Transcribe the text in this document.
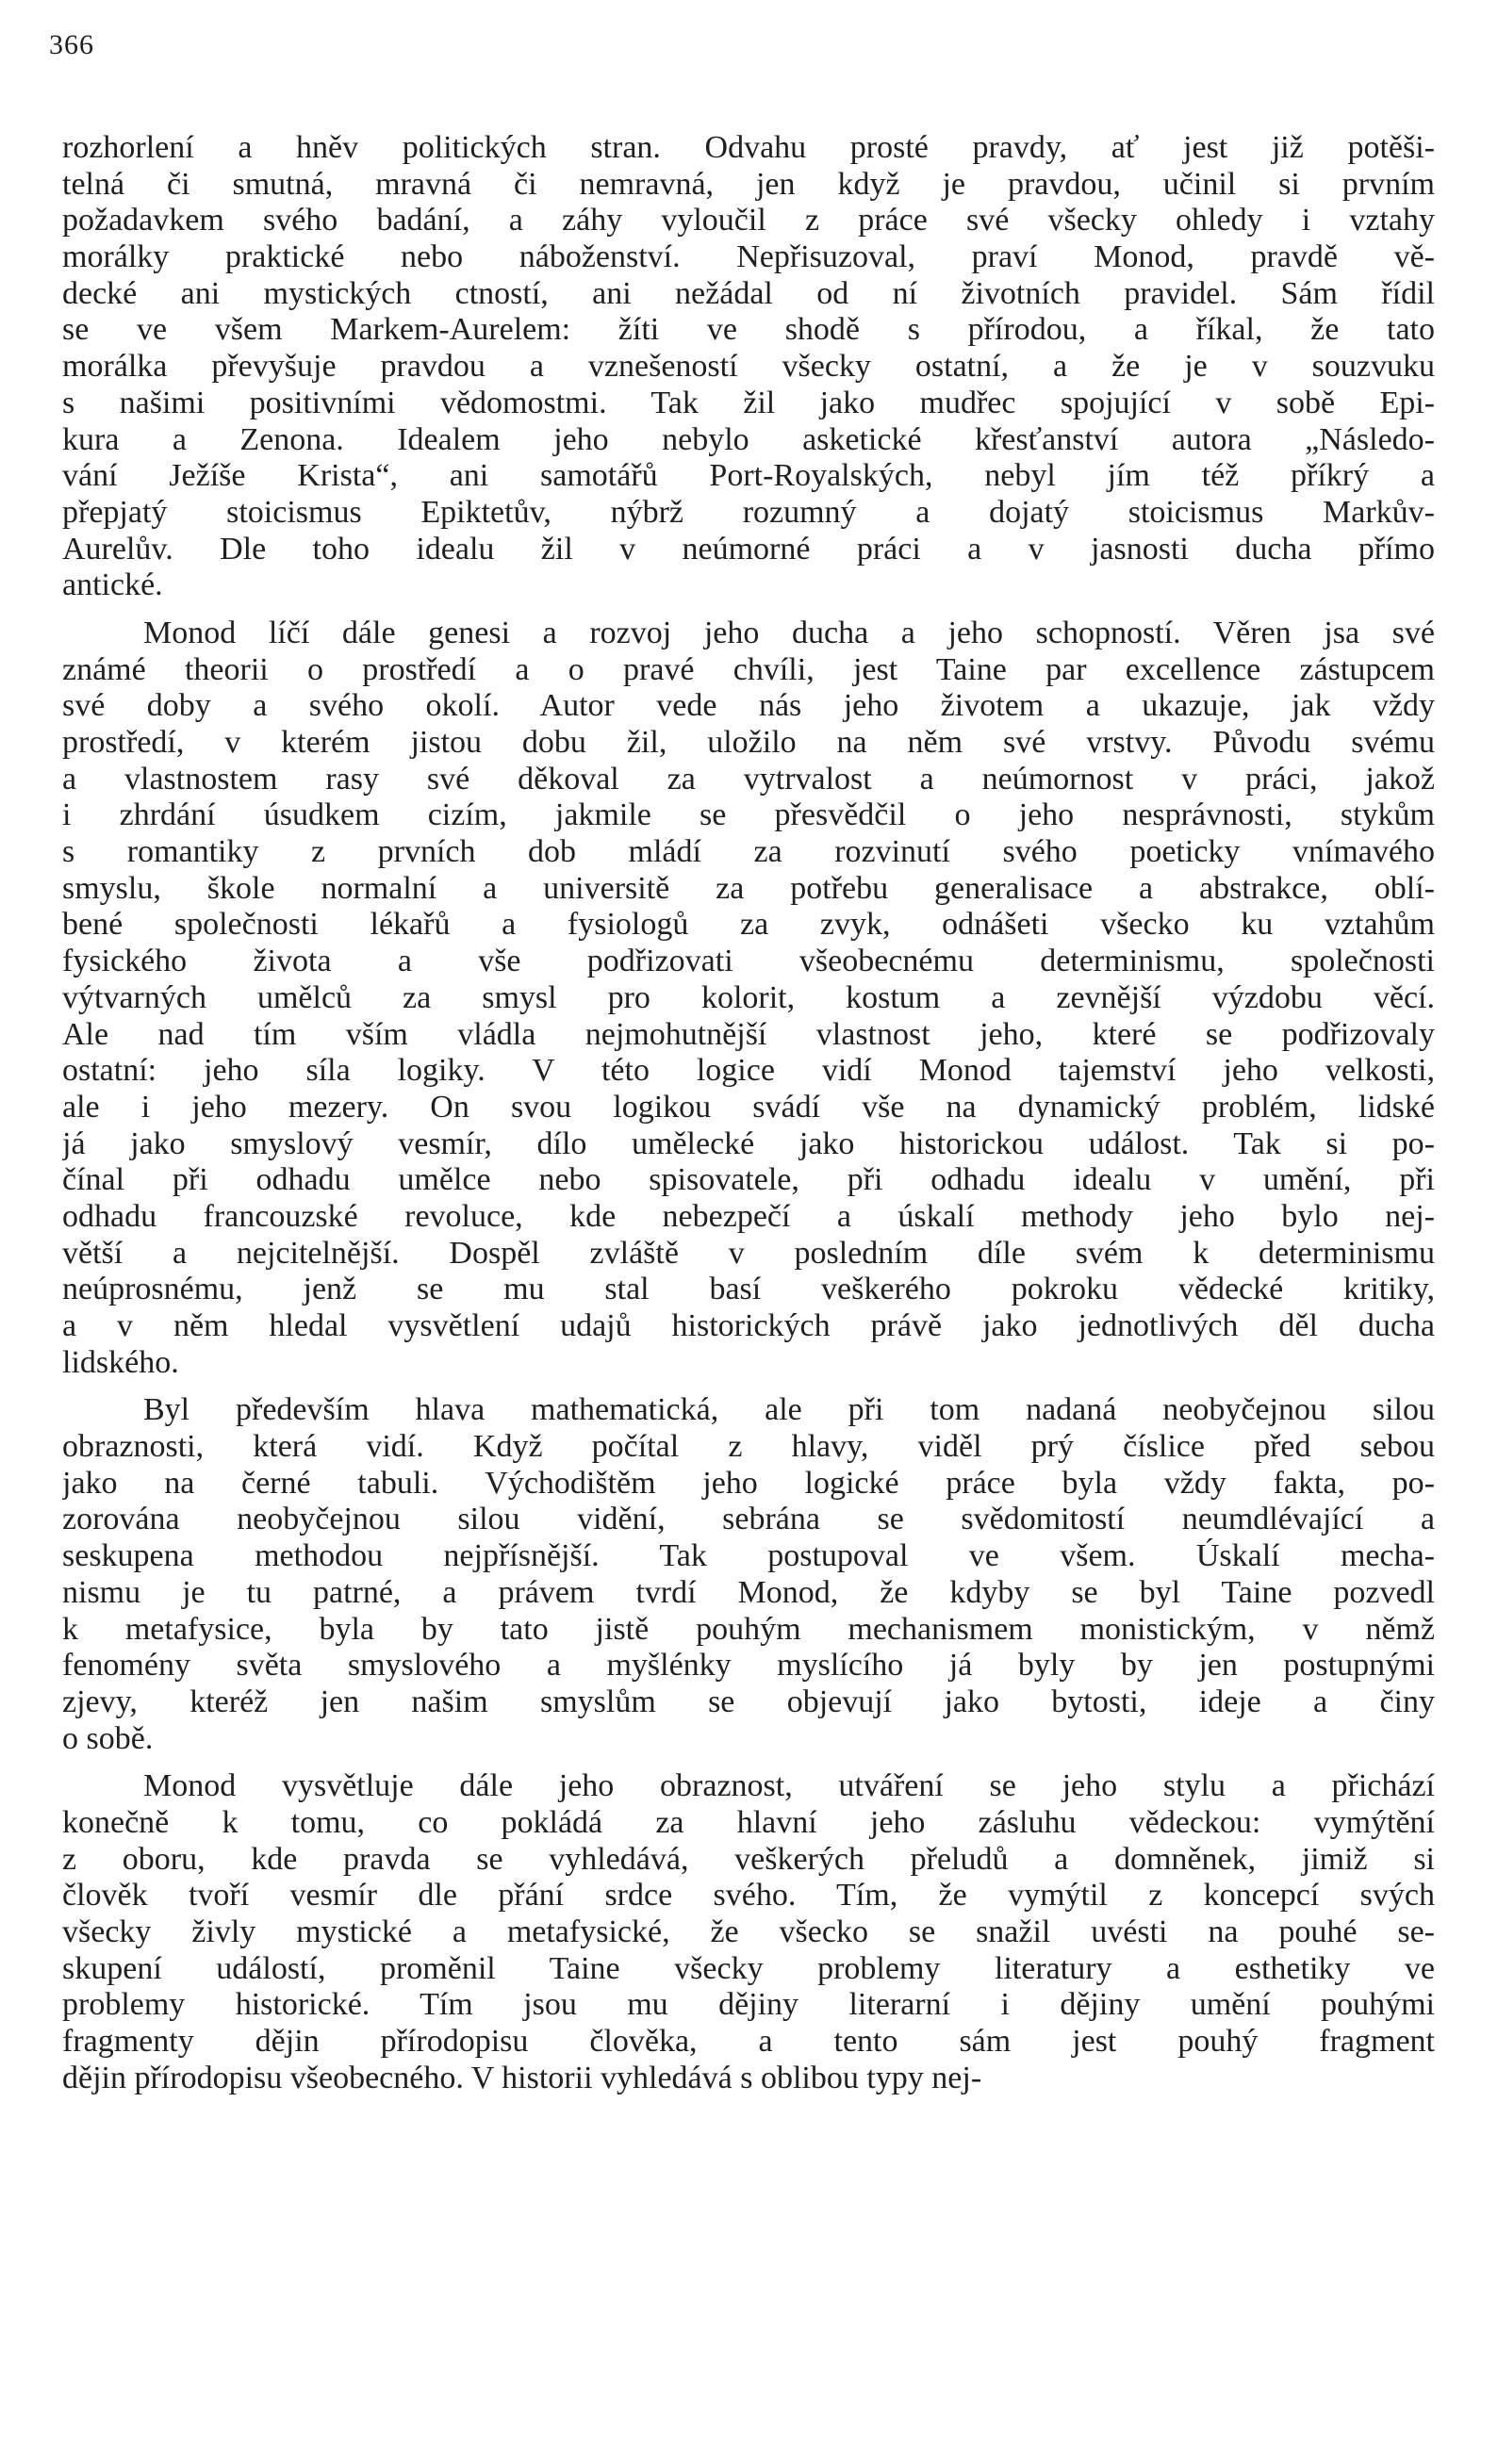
366
rozhorlení a hněv politických stran. Odvahu prosté pravdy, ať jest již potěši-
telná či smutná, mravná či nemravná, jen když je pravdou, učinil si prvním
požadavkem svého badání, a záhy vyloučil z práce své všecky ohledy i vztahy
morálky praktické nebo náboženství. Nepřisuzoval, praví Monod, pravdě vě-
decké ani mystických ctností, ani nežádal od ní životních pravidel. Sám řídil
se ve všem Markem-Aurelem: žíti ve shodě s přírodou, a říkal, že tato
morálka převyšuje pravdou a vznešeností všecky ostatní, a že je v souzvuku
s našimi positivními vědomostmi. Tak žil jako mudřec spojující v sobě Epi-
kura a Zenona. Idealem jeho nebylo asketické křesťanství autora „Následo-
vání Ježíše Krista“, ani samotářů Port-Royalských, nebyl jím též příkrý a
přepjatý stoicismus Epiktetův, nýbrž rozumný a dojatý stoicismus Markův-
Aurelův. Dle toho idealu žil v neúmorné práci a v jasnosti ducha přímo
antické.
Monod líčí dále genesi a rozvoj jeho ducha a jeho schopností. Věren jsa své
známé theorii o prostředí a o pravé chvíli, jest Taine par excellence zástupcem
své doby a svého okolí. Autor vede nás jeho životem a ukazuje, jak vždy
prostředí, v kterém jistou dobu žil, uložilo na něm své vrstvy. Původu svému
a vlastnostem rasy své děkoval za vytrvalost a neúmornost v práci, jakož
i zhrdání úsudkem cizím, jakmile se přesvědčil o jeho nesprávnosti, stykům
s romantiky z prvních dob mládí za rozvinutí svého poeticky vnímavého
smyslu, škole normalní a universitě za potřebu generalisace a abstrakce, oblí-
bené společnosti lékařů a fysiologů za zvyk, odnášeti všecko ku vztahům
fysického života a vše podřizovati všeobecnému determinismu, společnosti
výtvarných umělců za smysl pro kolorit, kostum a zevnější výzdobu věcí.
Ale nad tím vším vládla nejmohutnější vlastnost jeho, které se podřizovaly
ostatní: jeho síla logiky. V této logice vidí Monod tajemství jeho velkosti,
ale i jeho mezery. On svou logikou svádí vše na dynamický problém, lidské
já jako smyslový vesmír, dílo umělecké jako historickou událost. Tak si po-
čínal při odhadu umělce nebo spisovatele, při odhadu idealu v umění, při
odhadu francouzské revoluce, kde nebezpečí a úskalí methody jeho bylo nej-
větší a nejcitelnější. Dospěl zvláště v posledním díle svém k determinismu
neúprosnému, jenž se mu stal basí veškerého pokroku vědecké kritiky,
a v něm hledal vysvětlení udajů historických právě jako jednotlivých děl ducha
lidského.
Byl především hlava mathematická, ale při tom nadaná neobyčejnou silou
obraznosti, která vidí. Když počítal z hlavy, viděl prý číslice před sebou
jako na černé tabuli. Východištěm jeho logické práce byla vždy fakta, po-
zorována neobyčejnou silou vidění, sebrána se svědomitostí neumdlévající a
seskupena methodou nejpřísnější. Tak postupoval ve všem. Úskalí mecha-
nismu je tu patrné, a právem tvrdí Monod, že kdyby se byl Taine pozvedl
k metafysice, byla by tato jistě pouhým mechanismem monistickým, v němž
fenomény světa smyslového a myšlénky myslícího já byly by jen postupnými
zjevy, kteréž jen našim smyslům se objevují jako bytosti, ideje a činy
o sobě.
Monod vysvětluje dále jeho obraznost, utváření se jeho stylu a přichází
konečně k tomu, co pokládá za hlavní jeho zásluhu vědeckou: vymýtění
z oboru, kde pravda se vyhledává, veškerých přeludů a domněnek, jimiž si
člověk tvoří vesmír dle přání srdce svého. Tím, že vymýtil z koncepcí svých
všecky živly mystické a metafysické, že všecko se snažil uvésti na pouhé se-
skupení událostí, proměnil Taine všecky problemy literatury a esthetiky ve
problemy historické. Tím jsou mu dějiny literarní i dějiny umění pouhými
fragmenty dějin přírodopisu člověka, a tento sám jest pouhý fragment
dějin přírodopisu všeobecného. V historii vyhledává s oblibou typy nej-
